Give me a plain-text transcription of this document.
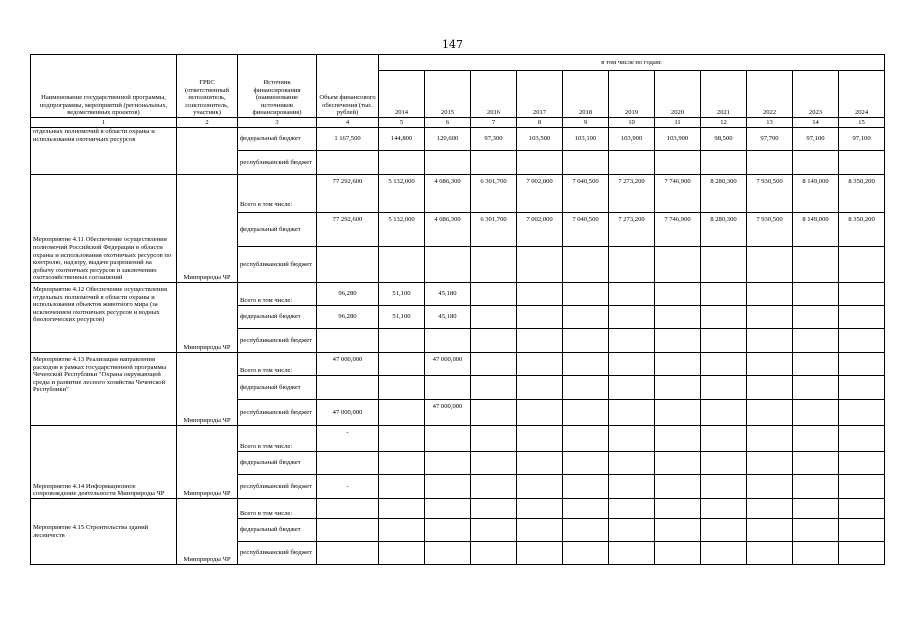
147
Наименование государственной программы, подпрограммы, мероприятий (региональных, ведомственных проектов)	ГРБС (ответственный исполнитель, соисполнитель, участник)	Источник финансирования (наименование источников финансирования)	Объем финансового обеспечения (тыс. рублей)	в том числе по годам:										
				2014	2015	2016	2017	2018	2019	2020	2021	2022	2023	2024
1	2	3	4	5	6	7	8	9	10	11	12	13	14	15
отдельных полномочий в области охраны и использования охотничьих ресурсов		федеральный бюджет	1 167,500	144,800	120,600	97,300	103,500	103,100	103,900	103,900	98,500	97,700	97,100	97,100
		республиканский бюджет												
Мероприятие 4.11 Обеспечение осуществления полномочий Российской Федерации в области охраны и использования охотничьих ресурсов по контролю, надзору, выдаче разрешений на добычу охотничьих ресурсов и заключению охотхозяйственных соглашений	Минприроды ЧР	Всего в том числе:	77 292,600	5 132,000	4 086,300	6 301,700	7 002,000	7 040,500	7 273,200	7 746,900	8 280,300	7 930,500	8 149,000	8 350,200
		федеральный бюджет	77 292,600	5 132,000	4 086,300	6 301,700	7 002,000	7 040,500	7 273,200	7 746,900	8 280,300	7 930,500	8 149,000	8 350,200
		республиканский бюджет												
Мероприятие 4.12 Обеспечение осуществления отдельных полномочий в области охраны и использования объектов животного мира (за исключением охотничьих ресурсов и водных биологических ресурсов)	Минприроды ЧР	Всего в том числе:	96,280	51,100	45,180									
		федеральный бюджет	96,280	51,100	45,180									
		республиканский бюджет												
Мероприятие 4.13 Реализация направления расходов в рамках государственной программы Чеченской Республики "Охрана окружающей среды и развитие лесного хозяйства Чеченской Республики"	Минприроды ЧР	Всего в том числе:	47 000,000		47 000,000									
		федеральный бюджет												
		республиканский бюджет	47 000,000		47 000,000									
Мероприятие 4.14 Информационное сопровождение деятельности Минприроды ЧР	Минприроды ЧР	Всего в том числе:	-											
		федеральный бюджет												
		республиканский бюджет	-											
Мероприятие 4.15 Строительства зданий лесничеств	Минприроды ЧР	Всего в том числе:												
		федеральный бюджет												
		республиканский бюджет												
